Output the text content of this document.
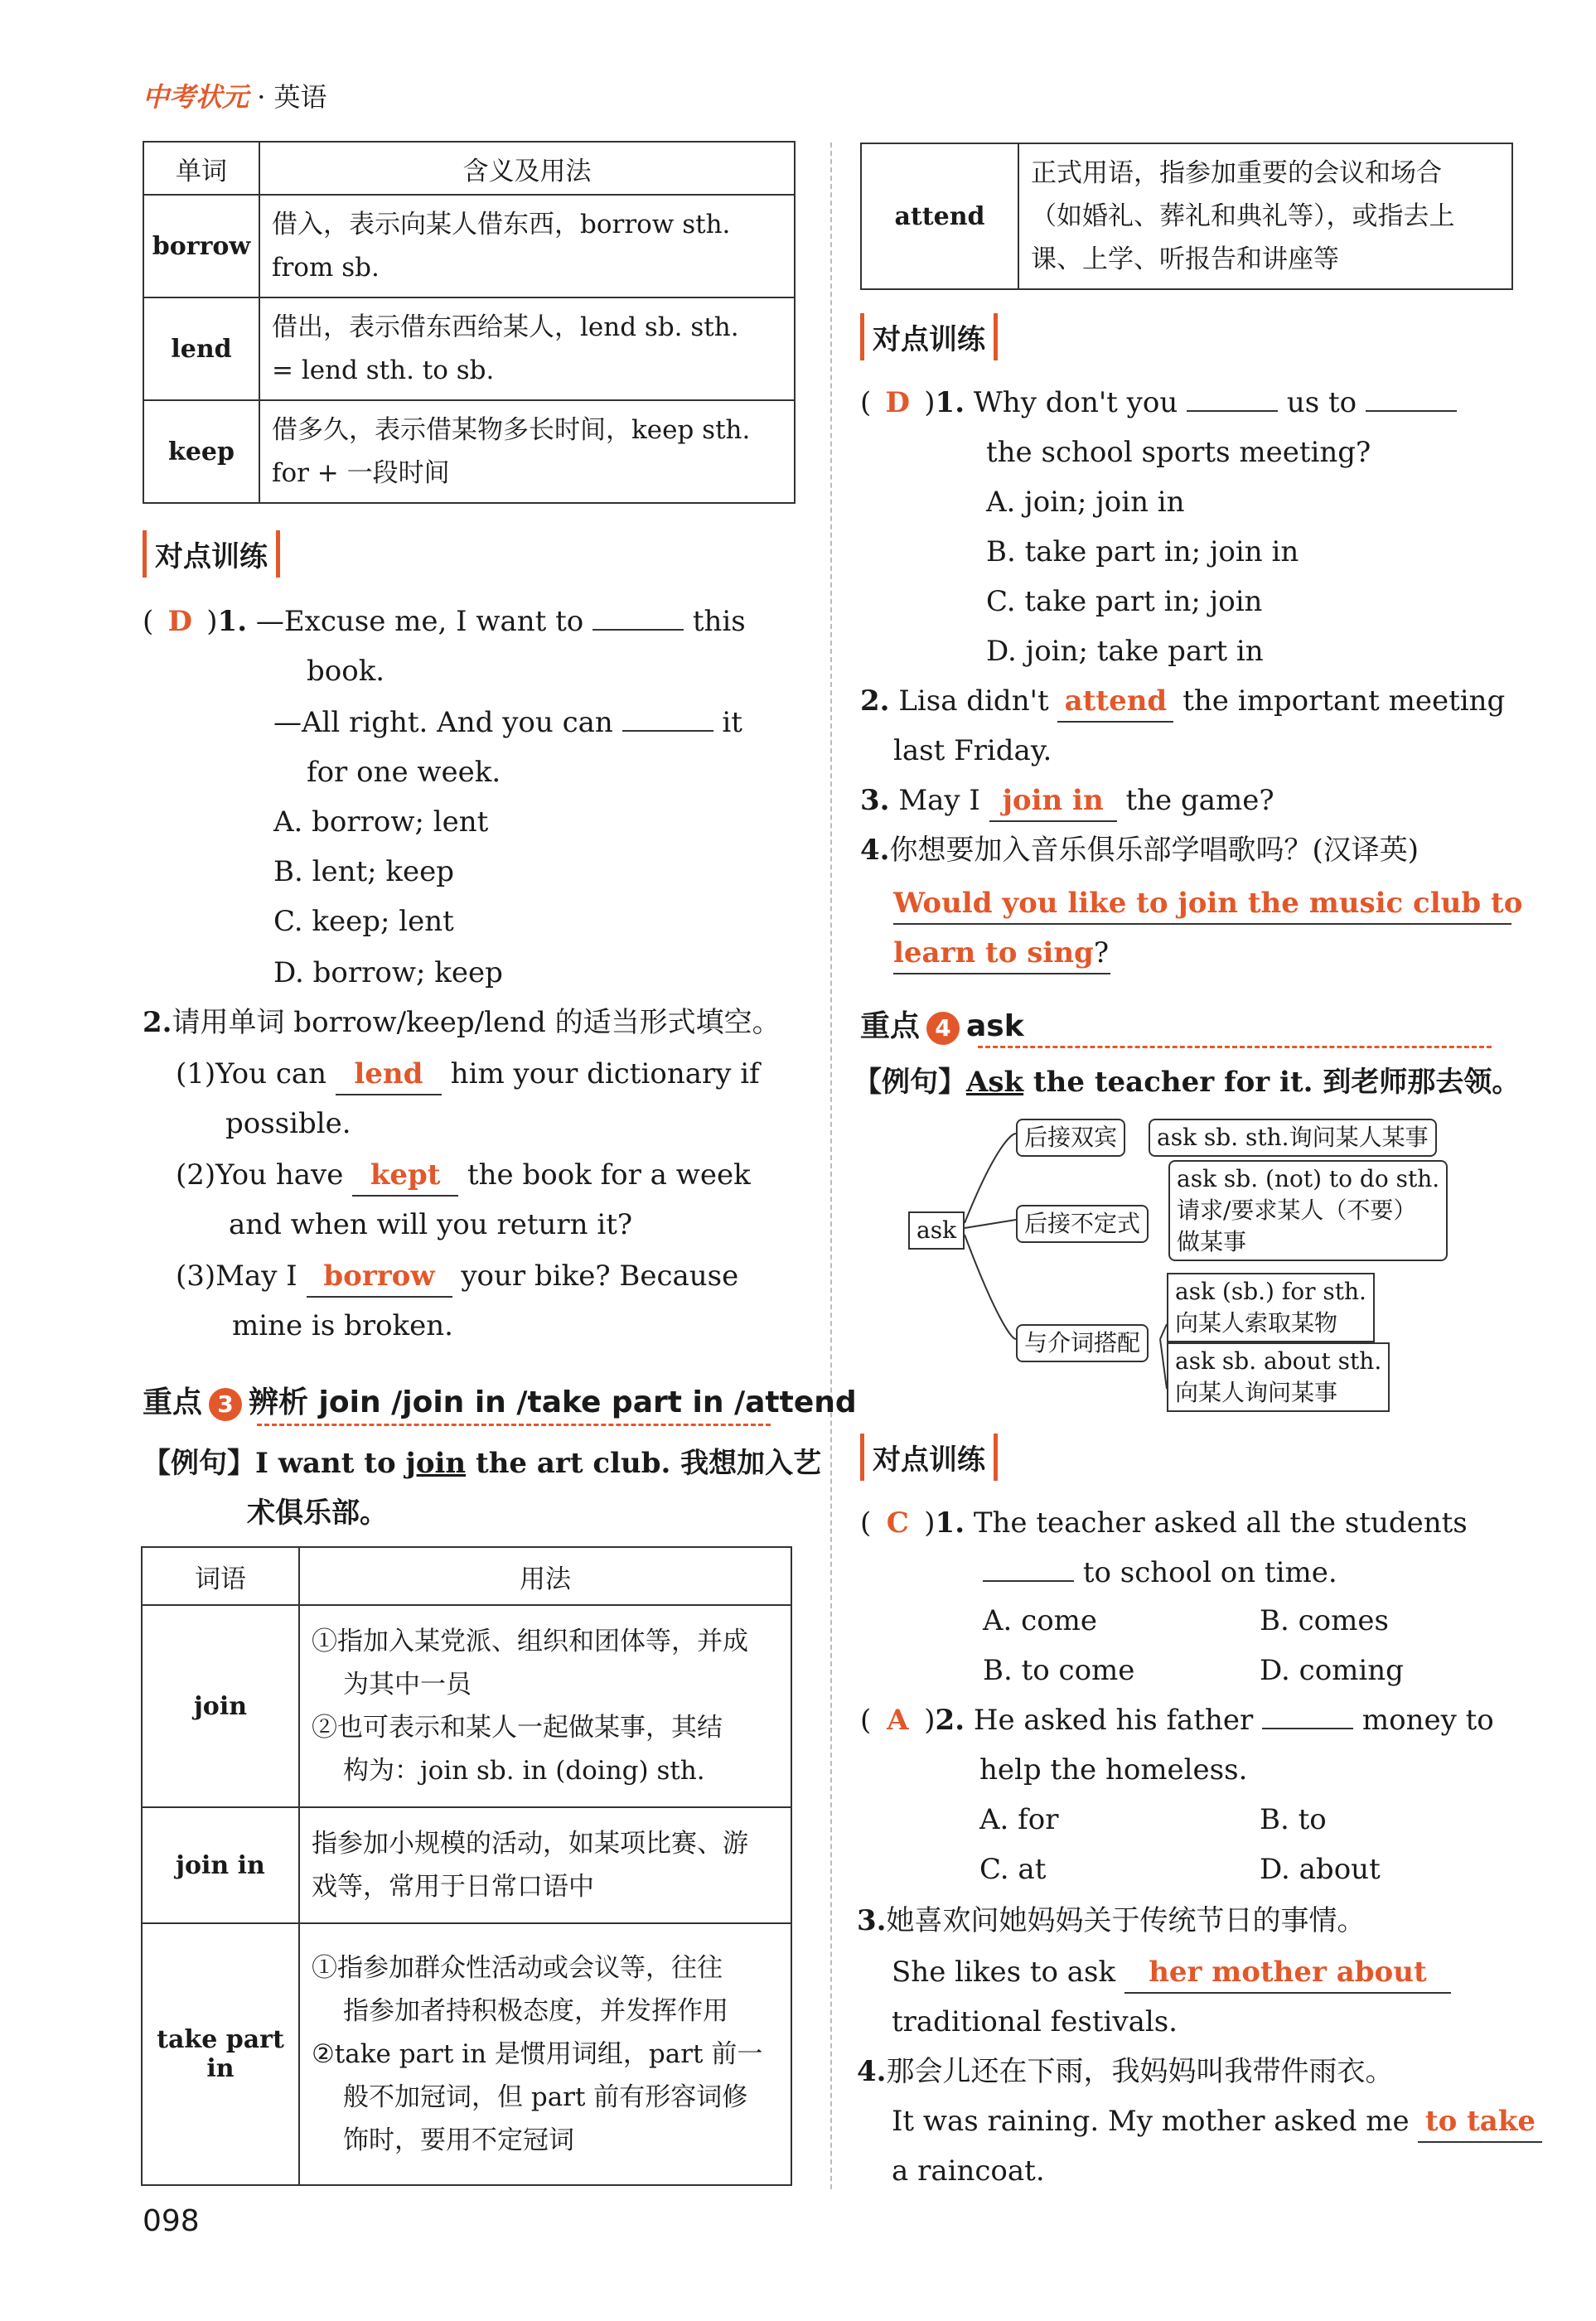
中考状元 · 英语
单词	含义及用法
borrow	借入，表示向某人借东西，borrow sth.
from sb.

lend	借出，表示借东西给某人，lend sb. sth.
= lend sth. to sb.

keep	借多久，表示借某物多长时间，keep sth.
for + 一段时间
对点训练
( D )1. —Excuse me, I want to	this
book.
—All right. And you can	it
for one week.
A. borrow; lent
B. lent; keep
C. keep; lent
D. borrow; keep
2.请用单词 borrow/keep/lend 的适当形式填空。
(1)You can lend him your dictionary if
possible.
(2)You have kept the book for a week
and when will you return it?
(3)May I borrow your bike? Because
mine is broken.
重点 3 辨析 join /join in /take part in /attend
【例句】I want to join the art club. 我想加入艺
术俱乐部。
词语	用法
join	①指加入某党派、组织和团体等，并成
为其中一员
②也可表示和某人一起做某事，其结
构为：join sb. in (doing) sth.

join in	指参加小规模的活动，如某项比赛、游
戏等，常用于日常口语中

take part in	①指参加群众性活动或会议等，往往
指参加者持积极态度，并发挥作用
②take part in 是惯用词组，part 前一
般不加冠词，但 part 前有形容词修
饰时，要用不定冠词
attend	
正式用语，指参加重要的会议和场合
（如婚礼、葬礼和典礼等），或指去上
课、上学、听报告和讲座等
对点训练
( D )1. Why don't you	us to
the school sports meeting?
A. join; join in
B. take part in; join in
C. take part in; join
D. join; take part in
2. Lisa didn't attend the important meeting
last Friday.
3. May I join in the game?
4.你想要加入音乐俱乐部学唱歌吗？(汉译英)
Would you like to join the music club to
learn to sing?
重点 4 ask
【例句】Ask the teacher for it. 到老师那去领。
ask
后接双宾	ask sb. sth.询问某人某事
后接不定式
ask sb. (not) to do sth.
请求/要求某人（不要）
做某事
与介词搭配
ask (sb.) for sth.
向某人索取某物
ask sb. about sth.
向某人询问某事
对点训练
( C )1. The teacher asked all the students
to school on time.
A. come	B. comes
B. to come	D. coming
( A )2. He asked his father	money to
help the homeless.
A. for	B. to
C. at	D. about
3.她喜欢问她妈妈关于传统节日的事情。
She likes to ask her mother about
traditional festivals.
4.那会儿还在下雨，我妈妈叫我带件雨衣。
It was raining. My mother asked me to take
a raincoat.
098
